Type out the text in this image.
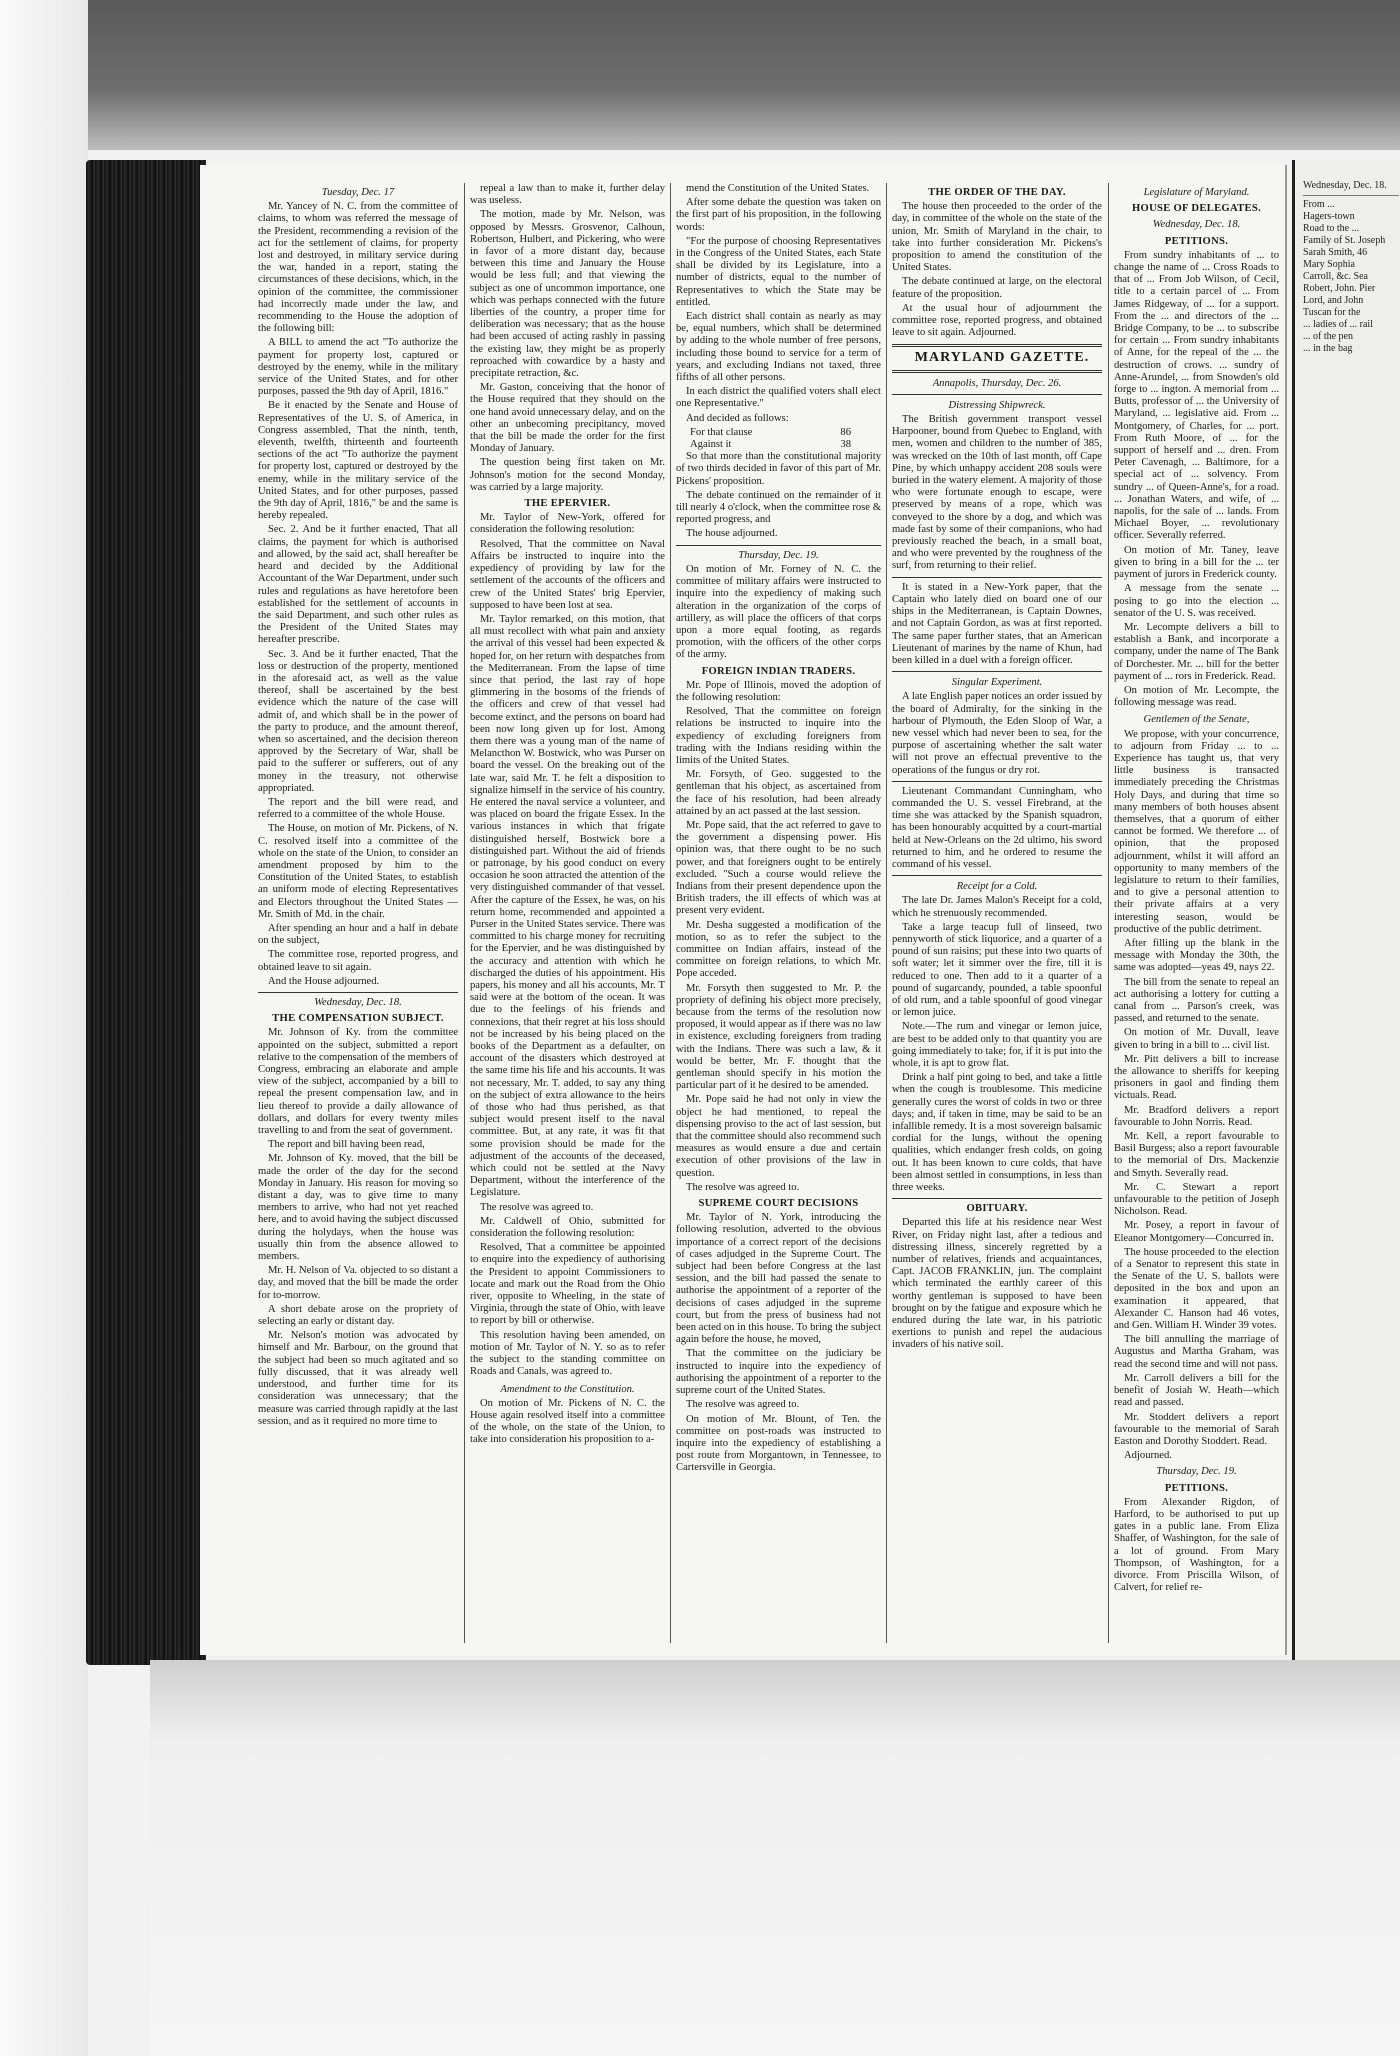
Tuesday, Dec. 17

Mr. Yancey of N. C. from the committee of claims, to whom was referred the message of the President, recommending a revision of the act for the settlement of claims, for property lost and destroyed, in military service during the war, handed in a report, stating the circumstances of these decisions, which, in the opinion of the committee, the commissioner had incorrectly made under the law, and recommending to the House the adoption of the following bill:

A BILL to amend the act "To authorize the payment for property lost, captured or destroyed by the enemy, while in the military service of the United States, and for other purposes, passed the 9th day of April, 1816."

Be it enacted by the Senate and House of Representatives of the U. S. of America, in Congress assembled, That the ninth, tenth, eleventh, twelfth, thirteenth and fourteenth sections of the act "To authorize the payment for property lost, captured or destroyed by the enemy, while in the military service of the United States, and for other purposes, passed the 9th day of April, 1816," be and the same is hereby repealed.

Sec. 2. And be it further enacted, That all claims, the payment for which is authorised and allowed, by the said act, shall hereafter be heard and decided by the Additional Accountant of the War Department, under such rules and regulations as have heretofore been established for the settlement of accounts in the said Department, and such other rules as the President of the United States may hereafter prescribe.

Sec. 3. And be it further enacted, That the loss or destruction of the property, mentioned in the aforesaid act, as well as the value thereof, shall be ascertained by the best evidence which the nature of the case will admit of, and which shall be in the power of the party to produce, and the amount thereof, when so ascertained, and the decision thereon approved by the Secretary of War, shall be paid to the sufferer or sufferers, out of any money in the treasury, not otherwise appropriated.

The report and the bill were read, and referred to a committee of the whole House.

The House, on motion of Mr. Pickens, of N. C. resolved itself into a committee of the whole on the state of the Union, to consider an amendment proposed by him to the Constitution of the United States, to establish an uniform mode of electing Representatives and Electors throughout the United States — Mr. Smith of Md. in the chair.

After spending an hour and a half in debate on the subject,

The committee rose, reported progress, and obtained leave to sit again.

And the House adjourned.

Wednesday, Dec. 18.

THE COMPENSATION SUBJECT.

Mr. Johnson of Ky. from the committee appointed on the subject, submitted a report relative to the compensation of the members of Congress, embracing an elaborate and ample view of the subject, accompanied by a bill to repeal the present compensation law, and in lieu thereof to provide a daily allowance of dollars, and dollars for every twenty miles travelling to and from the seat of government.

The report and bill having been read,

Mr. Johnson of Ky. moved, that the bill be made the order of the day for the second Monday in January. His reason for moving so distant a day, was to give time to many members to arrive, who had not yet reached here, and to avoid having the subject discussed during the holydays, when the house was usually thin from the absence allowed to members.

Mr. H. Nelson of Va. objected to so distant a day, and moved that the bill be made the order for to-morrow.

A short debate arose on the propriety of selecting an early or distant day.

Mr. Nelson's motion was advocated by himself and Mr. Barbour, on the ground that the subject had been so much agitated and so fully discussed, that it was already well understood, and further time for its consideration was unnecessary; that the measure was carried through rapidly at the last session, and as it required no more time to

repeal a law than to make it, further delay was useless.

The motion, made by Mr. Nelson, was opposed by Messrs. Grosvenor, Calhoun, Robertson, Hulbert, and Pickering, who were in favor of a more distant day, because between this time and January the House would be less full; and that viewing the subject as one of uncommon importance, one which was perhaps connected with the future liberties of the country, a proper time for deliberation was necessary; that as the house had been accused of acting rashly in passing the existing law, they might be as properly reproached with cowardice by a hasty and precipitate retraction, &c.

Mr. Gaston, conceiving that the honor of the House required that they should on the one hand avoid unnecessary delay, and on the other an unbecoming precipitancy, moved that the bill be made the order for the first Monday of January.

The question being first taken on Mr. Johnson's motion for the second Monday, was carried by a large majority.

THE EPERVIER.

Mr. Taylor of New-York, offered for consideration the following resolution:

Resolved, That the committee on Naval Affairs be instructed to inquire into the expediency of providing by law for the settlement of the accounts of the officers and crew of the United States' brig Epervier, supposed to have been lost at sea.

Mr. Taylor remarked, on this motion, that all must recollect with what pain and anxiety the arrival of this vessel had been expected & hoped for, on her return with despatches from the Mediterranean. From the lapse of time since that period, the last ray of hope glimmering in the bosoms of the friends of the officers and crew of that vessel had become extinct, and the persons on board had been now long given up for lost. Among them there was a young man of the name of Melancthon W. Bostwick, who was Purser on board the vessel. On the breaking out of the late war, said Mr. T. he felt a disposition to signalize himself in the service of his country. He entered the naval service a volunteer, and was placed on board the frigate Essex. In the various instances in which that frigate distinguished herself, Bostwick bore a distinguished part. Without the aid of friends or patronage, by his good conduct on every occasion he soon attracted the attention of the very distinguished commander of that vessel. After the capture of the Essex, he was, on his return home, recommended and appointed a Purser in the United States service. There was committed to his charge money for recruiting for the Epervier, and he was distinguished by the accuracy and attention with which he discharged the duties of his appointment. His papers, his money and all his accounts, Mr. T said were at the bottom of the ocean. It was due to the feelings of his friends and connexions, that their regret at his loss should not be increased by his being placed on the books of the Department as a defaulter, on account of the disasters which destroyed at the same time his life and his accounts. It was not necessary, Mr. T. added, to say any thing on the subject of extra allowance to the heirs of those who had thus perished, as that subject would present itself to the naval committee. But, at any rate, it was fit that some provision should be made for the adjustment of the accounts of the deceased, which could not be settled at the Navy Department, without the interference of the Legislature.

The resolve was agreed to.

Mr. Caldwell of Ohio, submitted for consideration the following resolution:

Resolved, That a committee be appointed to enquire into the expediency of authorising the President to appoint Commissioners to locate and mark out the Road from the Ohio river, opposite to Wheeling, in the state of Virginia, through the state of Ohio, with leave to report by bill or otherwise.

This resolution having been amended, on motion of Mr. Taylor of N. Y. so as to refer the subject to the standing committee on Roads and Canals, was agreed to.

Amendment to the Constitution.

On motion of Mr. Pickens of N. C. the House again resolved itself into a committee of the whole, on the state of the Union, to take into consideration his proposition to a-

mend the Constitution of the United States.

After some debate the question was taken on the first part of his proposition, in the following words:

"For the purpose of choosing Representatives in the Congress of the United States, each State shall be divided by its Legislature, into a number of districts, equal to the number of Representatives to which the State may be entitled.

Each district shall contain as nearly as may be, equal numbers, which shall be determined by adding to the whole number of free persons, including those bound to service for a term of years, and excluding Indians not taxed, three fifths of all other persons.

In each district the qualified voters shall elect one Representative."

And decided as follows:

For that clause	86
Against it	38

So that more than the constitutional majority of two thirds decided in favor of this part of Mr. Pickens' proposition.

The debate continued on the remainder of it till nearly 4 o'clock, when the committee rose & reported progress, and

The house adjourned.

Thursday, Dec. 19.

On motion of Mr. Forney of N. C. the committee of military affairs were instructed to inquire into the expediency of making such alteration in the organization of the corps of artillery, as will place the officers of that corps upon a more equal footing, as regards promotion, with the officers of the other corps of the army.

FOREIGN INDIAN TRADERS.

Mr. Pope of Illinois, moved the adoption of the following resolution:

Resolved, That the committee on foreign relations be instructed to inquire into the expediency of excluding foreigners from trading with the Indians residing within the limits of the United States.

Mr. Forsyth, of Geo. suggested to the gentleman that his object, as ascertained from the face of his resolution, had been already attained by an act passed at the last session.

Mr. Pope said, that the act referred to gave to the government a dispensing power. His opinion was, that there ought to be no such power, and that foreigners ought to be entirely excluded. "Such a course would relieve the Indians from their present dependence upon the British traders, the ill effects of which was at present very evident.

Mr. Desha suggested a modification of the motion, so as to refer the subject to the committee on Indian affairs, instead of the committee on foreign relations, to which Mr. Pope acceded.

Mr. Forsyth then suggested to Mr. P. the propriety of defining his object more precisely, because from the terms of the resolution now proposed, it would appear as if there was no law in existence, excluding foreigners from trading with the Indians. There was such a law, & it would be better, Mr. F. thought that the gentleman should specify in his motion the particular part of it he desired to be amended.

Mr. Pope said he had not only in view the object he had mentioned, to repeal the dispensing proviso to the act of last session, but that the committee should also recommend such measures as would ensure a due and certain execution of other provisions of the law in question.

The resolve was agreed to.

SUPREME COURT DECISIONS

Mr. Taylor of N. York, introducing the following resolution, adverted to the obvious importance of a correct report of the decisions of cases adjudged in the Supreme Court. The subject had been before Congress at the last session, and the bill had passed the senate to authorise the appointment of a reporter of the decisions of cases adjudged in the supreme court, but from the press of business had not been acted on in this house. To bring the subject again before the house, he moved,

That the committee on the judiciary be instructed to inquire into the expediency of authorising the appointment of a reporter to the supreme court of the United States.

The resolve was agreed to.

On motion of Mr. Blount, of Ten. the committee on post-roads was instructed to inquire into the expediency of establishing a post route from Morgantown, in Tennessee, to Cartersville in Georgia.

THE ORDER OF THE DAY.

The house then proceeded to the order of the day, in committee of the whole on the state of the union, Mr. Smith of Maryland in the chair, to take into further consideration Mr. Pickens's proposition to amend the constitution of the United States.

The debate continued at large, on the electoral feature of the proposition.

At the usual hour of adjournment the committee rose, reported progress, and obtained leave to sit again. Adjourned.

MARYLAND GAZETTE.

Annapolis, Thursday, Dec. 26.

Distressing Shipwreck.

The British government transport vessel Harpooner, bound from Quebec to England, with men, women and children to the number of 385, was wrecked on the 10th of last month, off Cape Pine, by which unhappy accident 208 souls were buried in the watery element. A majority of those who were fortunate enough to escape, were preserved by means of a rope, which was conveyed to the shore by a dog, and which was made fast by some of their companions, who had previously reached the beach, in a small boat, and who were prevented by the roughness of the surf, from returning to their relief.

It is stated in a New-York paper, that the Captain who lately died on board one of our ships in the Mediterranean, is Captain Downes, and not Captain Gordon, as was at first reported. The same paper further states, that an American Lieutenant of marines by the name of Khun, had been killed in a duel with a foreign officer.

Singular Experiment.

A late English paper notices an order issued by the board of Admiralty, for the sinking in the harbour of Plymouth, the Eden Sloop of War, a new vessel which had never been to sea, for the purpose of ascertaining whether the salt water will not prove an effectual preventive to the operations of the fungus or dry rot.

Lieutenant Commandant Cunningham, who commanded the U. S. vessel Firebrand, at the time she was attacked by the Spanish squadron, has been honourably acquitted by a court-martial held at New-Orleans on the 2d ultimo, his sword returned to him, and he ordered to resume the command of his vessel.

Receipt for a Cold.

The late Dr. James Malon's Receipt for a cold, which he strenuously recommended.

Take a large teacup full of linseed, two pennyworth of stick liquorice, and a quarter of a pound of sun raisins; put these into two quarts of soft water; let it simmer over the fire, till it is reduced to one. Then add to it a quarter of a pound of sugarcandy, pounded, a table spoonful of old rum, and a table spoonful of good vinegar or lemon juice.

Note.—The rum and vinegar or lemon juice, are best to be added only to that quantity you are going immediately to take; for, if it is put into the whole, it is apt to grow flat.

Drink a half pint going to bed, and take a little when the cough is troublesome. This medicine generally cures the worst of colds in two or three days; and, if taken in time, may be said to be an infallible remedy. It is a most sovereign balsamic cordial for the lungs, without the opening qualities, which endanger fresh colds, on going out. It has been known to cure colds, that have been almost settled in consumptions, in less than three weeks.

OBITUARY.

Departed this life at his residence near West River, on Friday night last, after a tedious and distressing illness, sincerely regretted by a number of relatives, friends and acquaintances, Capt. JACOB FRANKLIN, jun. The complaint which terminated the earthly career of this worthy gentleman is supposed to have been brought on by the fatigue and exposure which he endured during the late war, in his patriotic exertions to punish and repel the audacious invaders of his native soil.

Legislature of Maryland.

HOUSE OF DELEGATES.

Wednesday, Dec. 18.

PETITIONS.

From sundry inhabitants of ... to change the name of ... Cross Roads to that of ... From Job Wilson, of Cecil, title to a certain parcel of ... From James Ridgeway, of ... for a support. From the ... and directors of the ... Bridge Company, to be ... to subscribe for certain ... From sundry inhabitants of Anne, for the repeal of the ... the destruction of crows. ... sundry of Anne-Arundel, ... from Snowden's old forge to ... ington. A memorial from ... Butts, professor of ... the University of Maryland, ... legislative aid. From ... Montgomery, of Charles, for ... port. From Ruth Moore, of ... for the support of herself and ... dren. From Peter Cavenagh, ... Baltimore, for a special act of ... solvency. From sundry ... of Queen-Anne's, for a road. ... Jonathan Waters, and wife, of ... napolis, for the sale of ... lands. From Michael Boyer, ... revolutionary officer. Severally referred.

On motion of Mr. Taney, leave given to bring in a bill for the ... ter payment of jurors in Frederick county.

A message from the senate ... posing to go into the election ... senator of the U. S. was received.

Mr. Lecompte delivers a bill to establish a Bank, and incorporate a company, under the name of The Bank of Dorchester. Mr. ... bill for the better payment of ... rors in Frederick. Read.

On motion of Mr. Lecompte, the following message was read.

Gentlemen of the Senate,

We propose, with your concurrence, to adjourn from Friday ... to ... Experience has taught us, that very little business is transacted immediately preceding the Christmas Holy Days, and during that time so many members of both houses absent themselves, that a quorum of either cannot be formed. We therefore ... of opinion, that the proposed adjournment, whilst it will afford an opportunity to many members of the legislature to return to their families, and to give a personal attention to their private affairs at a very interesting season, would be productive of the public detriment.

After filling up the blank in the message with Monday the 30th, the same was adopted—yeas 49, nays 22.

The bill from the senate to repeal an act authorising a lottery for cutting a canal from ... Parson's creek, was passed, and returned to the senate.

On motion of Mr. Duvall, leave given to bring in a bill to ... civil list.

Mr. Pitt delivers a bill to increase the allowance to sheriffs for keeping prisoners in gaol and finding them victuals. Read.

Mr. Bradford delivers a report favourable to John Norris. Read.

Mr. Kell, a report favourable to Basil Burgess; also a report favourable to the memorial of Drs. Mackenzie and Smyth. Severally read.

Mr. C. Stewart a report unfavourable to the petition of Joseph Nicholson. Read.

Mr. Posey, a report in favour of Eleanor Montgomery—Concurred in.

The house proceeded to the election of a Senator to represent this state in the Senate of the U. S. ballots were deposited in the box and upon an examination it appeared, that Alexander C. Hanson had 46 votes, and Gen. William H. Winder 39 votes.

The bill annulling the marriage of Augustus and Martha Graham, was read the second time and will not pass.

Mr. Carroll delivers a bill for the benefit of Josiah W. Heath—which read and passed.

Mr. Stoddert delivers a report favourable to the memorial of Sarah Easton and Dorothy Stoddert. Read.

Adjourned.

Thursday, Dec. 19.

PETITIONS.

From Alexander Rigdon, of Harford, to be authorised to put up gates in a public lane. From Eliza Shaffer, of Washington, for the sale of a lot of ground. From Mary Thompson, of Washington, for a divorce. From Priscilla Wilson, of Calvert, for relief re-

Wednesday, Dec. 18.
From ...
Hagers-town
Road to the ...
Family of St. Joseph
Sarah Smith, 46
Mary Sophia
Carroll, &c. Sea
Robert, John. Pier
Lord, and John
Tuscan for the
... ladies of ... rail
... of the pen
... in the bag
